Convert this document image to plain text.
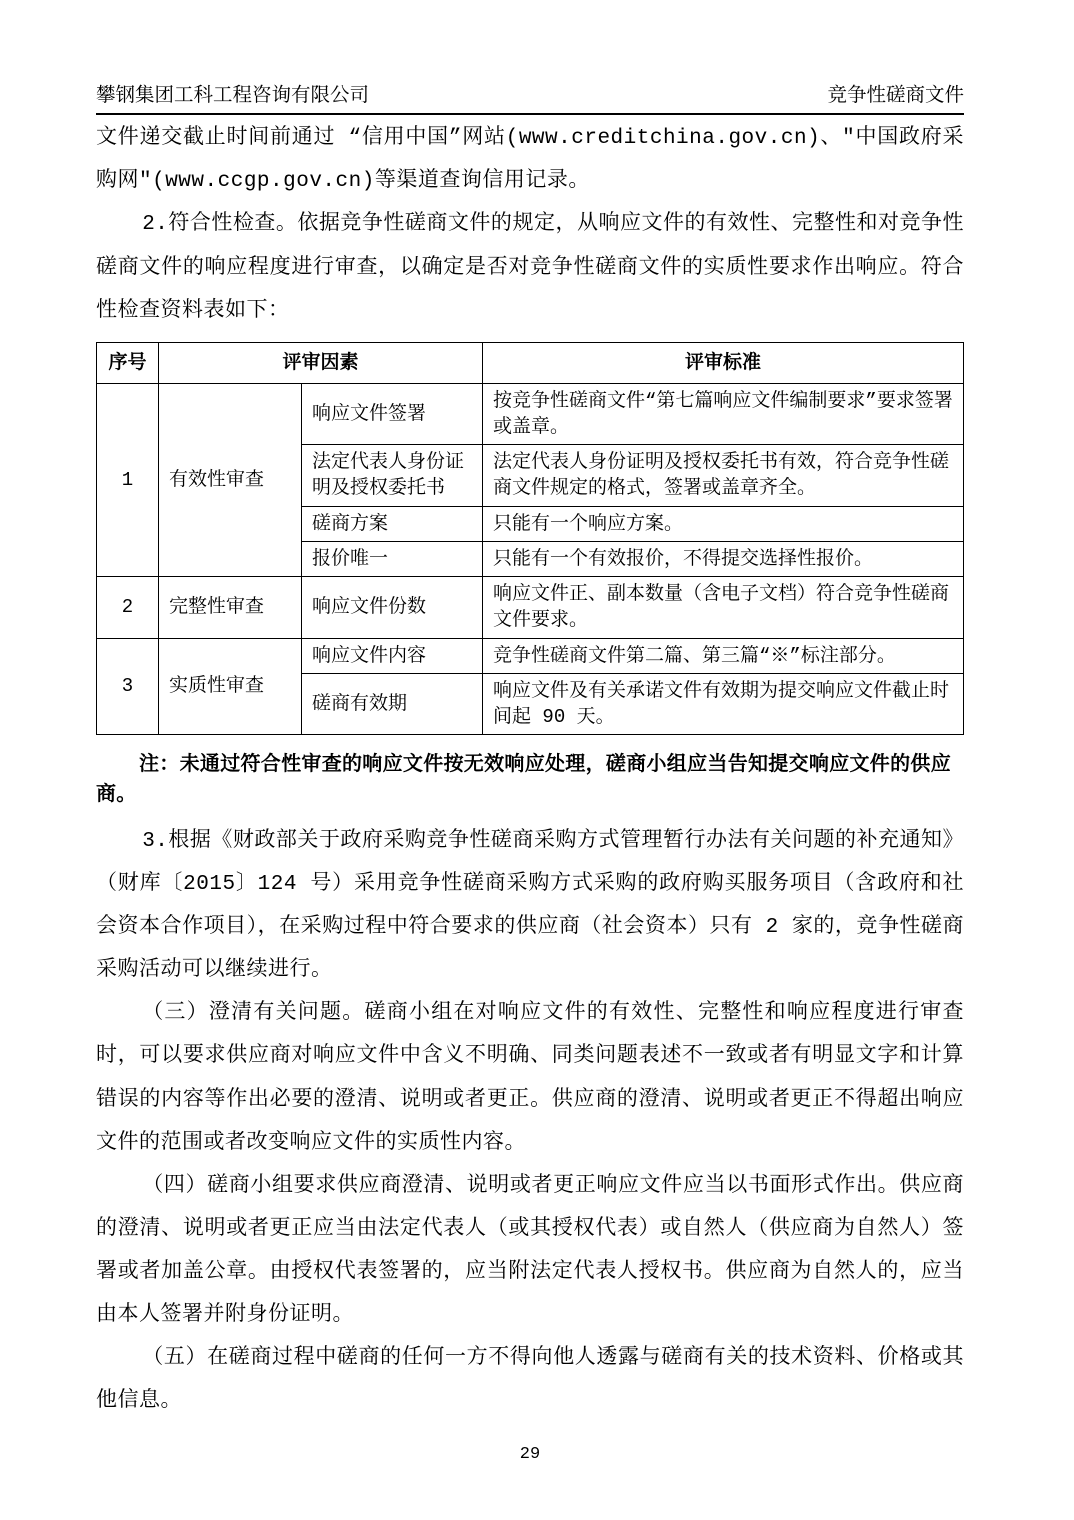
攀钢集团工科工程咨询有限公司	竞争性磋商文件

文件递交截止时间前通过 “信用中国”网站(www.creditchina.gov.cn)、″中国政府采购网″(www.ccgp.gov.cn)等渠道查询信用记录。

2.符合性检查。依据竞争性磋商文件的规定，从响应文件的有效性、完整性和对竞争性磋商文件的响应程度进行审查，以确定是否对竞争性磋商文件的实质性要求作出响应。符合性检查资料表如下：

序号	评审因素		评审标准
1	有效性审查	响应文件签署	按竞争性磋商文件“第七篇响应文件编制要求”要求签署或盖章。
		法定代表人身份证明及授权委托书	法定代表人身份证明及授权委托书有效，符合竞争性磋商文件规定的格式，签署或盖章齐全。
		磋商方案	只能有一个响应方案。
		报价唯一	只能有一个有效报价，不得提交选择性报价。
2	完整性审查	响应文件份数	响应文件正、副本数量（含电子文档）符合竞争性磋商文件要求。
3	实质性审查	响应文件内容	竞争性磋商文件第二篇、第三篇“※”标注部分。
		磋商有效期	响应文件及有关承诺文件有效期为提交响应文件截止时间起 90 天。

注：未通过符合性审查的响应文件按无效响应处理，磋商小组应当告知提交响应文件的供应商。

3.根据《财政部关于政府采购竞争性磋商采购方式管理暂行办法有关问题的补充通知》（财库〔2015〕124 号）采用竞争性磋商采购方式采购的政府购买服务项目（含政府和社会资本合作项目），在采购过程中符合要求的供应商（社会资本）只有 2 家的，竞争性磋商采购活动可以继续进行。

（三）澄清有关问题。磋商小组在对响应文件的有效性、完整性和响应程度进行审查时，可以要求供应商对响应文件中含义不明确、同类问题表述不一致或者有明显文字和计算错误的内容等作出必要的澄清、说明或者更正。供应商的澄清、说明或者更正不得超出响应文件的范围或者改变响应文件的实质性内容。

（四）磋商小组要求供应商澄清、说明或者更正响应文件应当以书面形式作出。供应商的澄清、说明或者更正应当由法定代表人（或其授权代表）或自然人（供应商为自然人）签署或者加盖公章。由授权代表签署的，应当附法定代表人授权书。供应商为自然人的，应当由本人签署并附身份证明。

（五）在磋商过程中磋商的任何一方不得向他人透露与磋商有关的技术资料、价格或其他信息。

29
